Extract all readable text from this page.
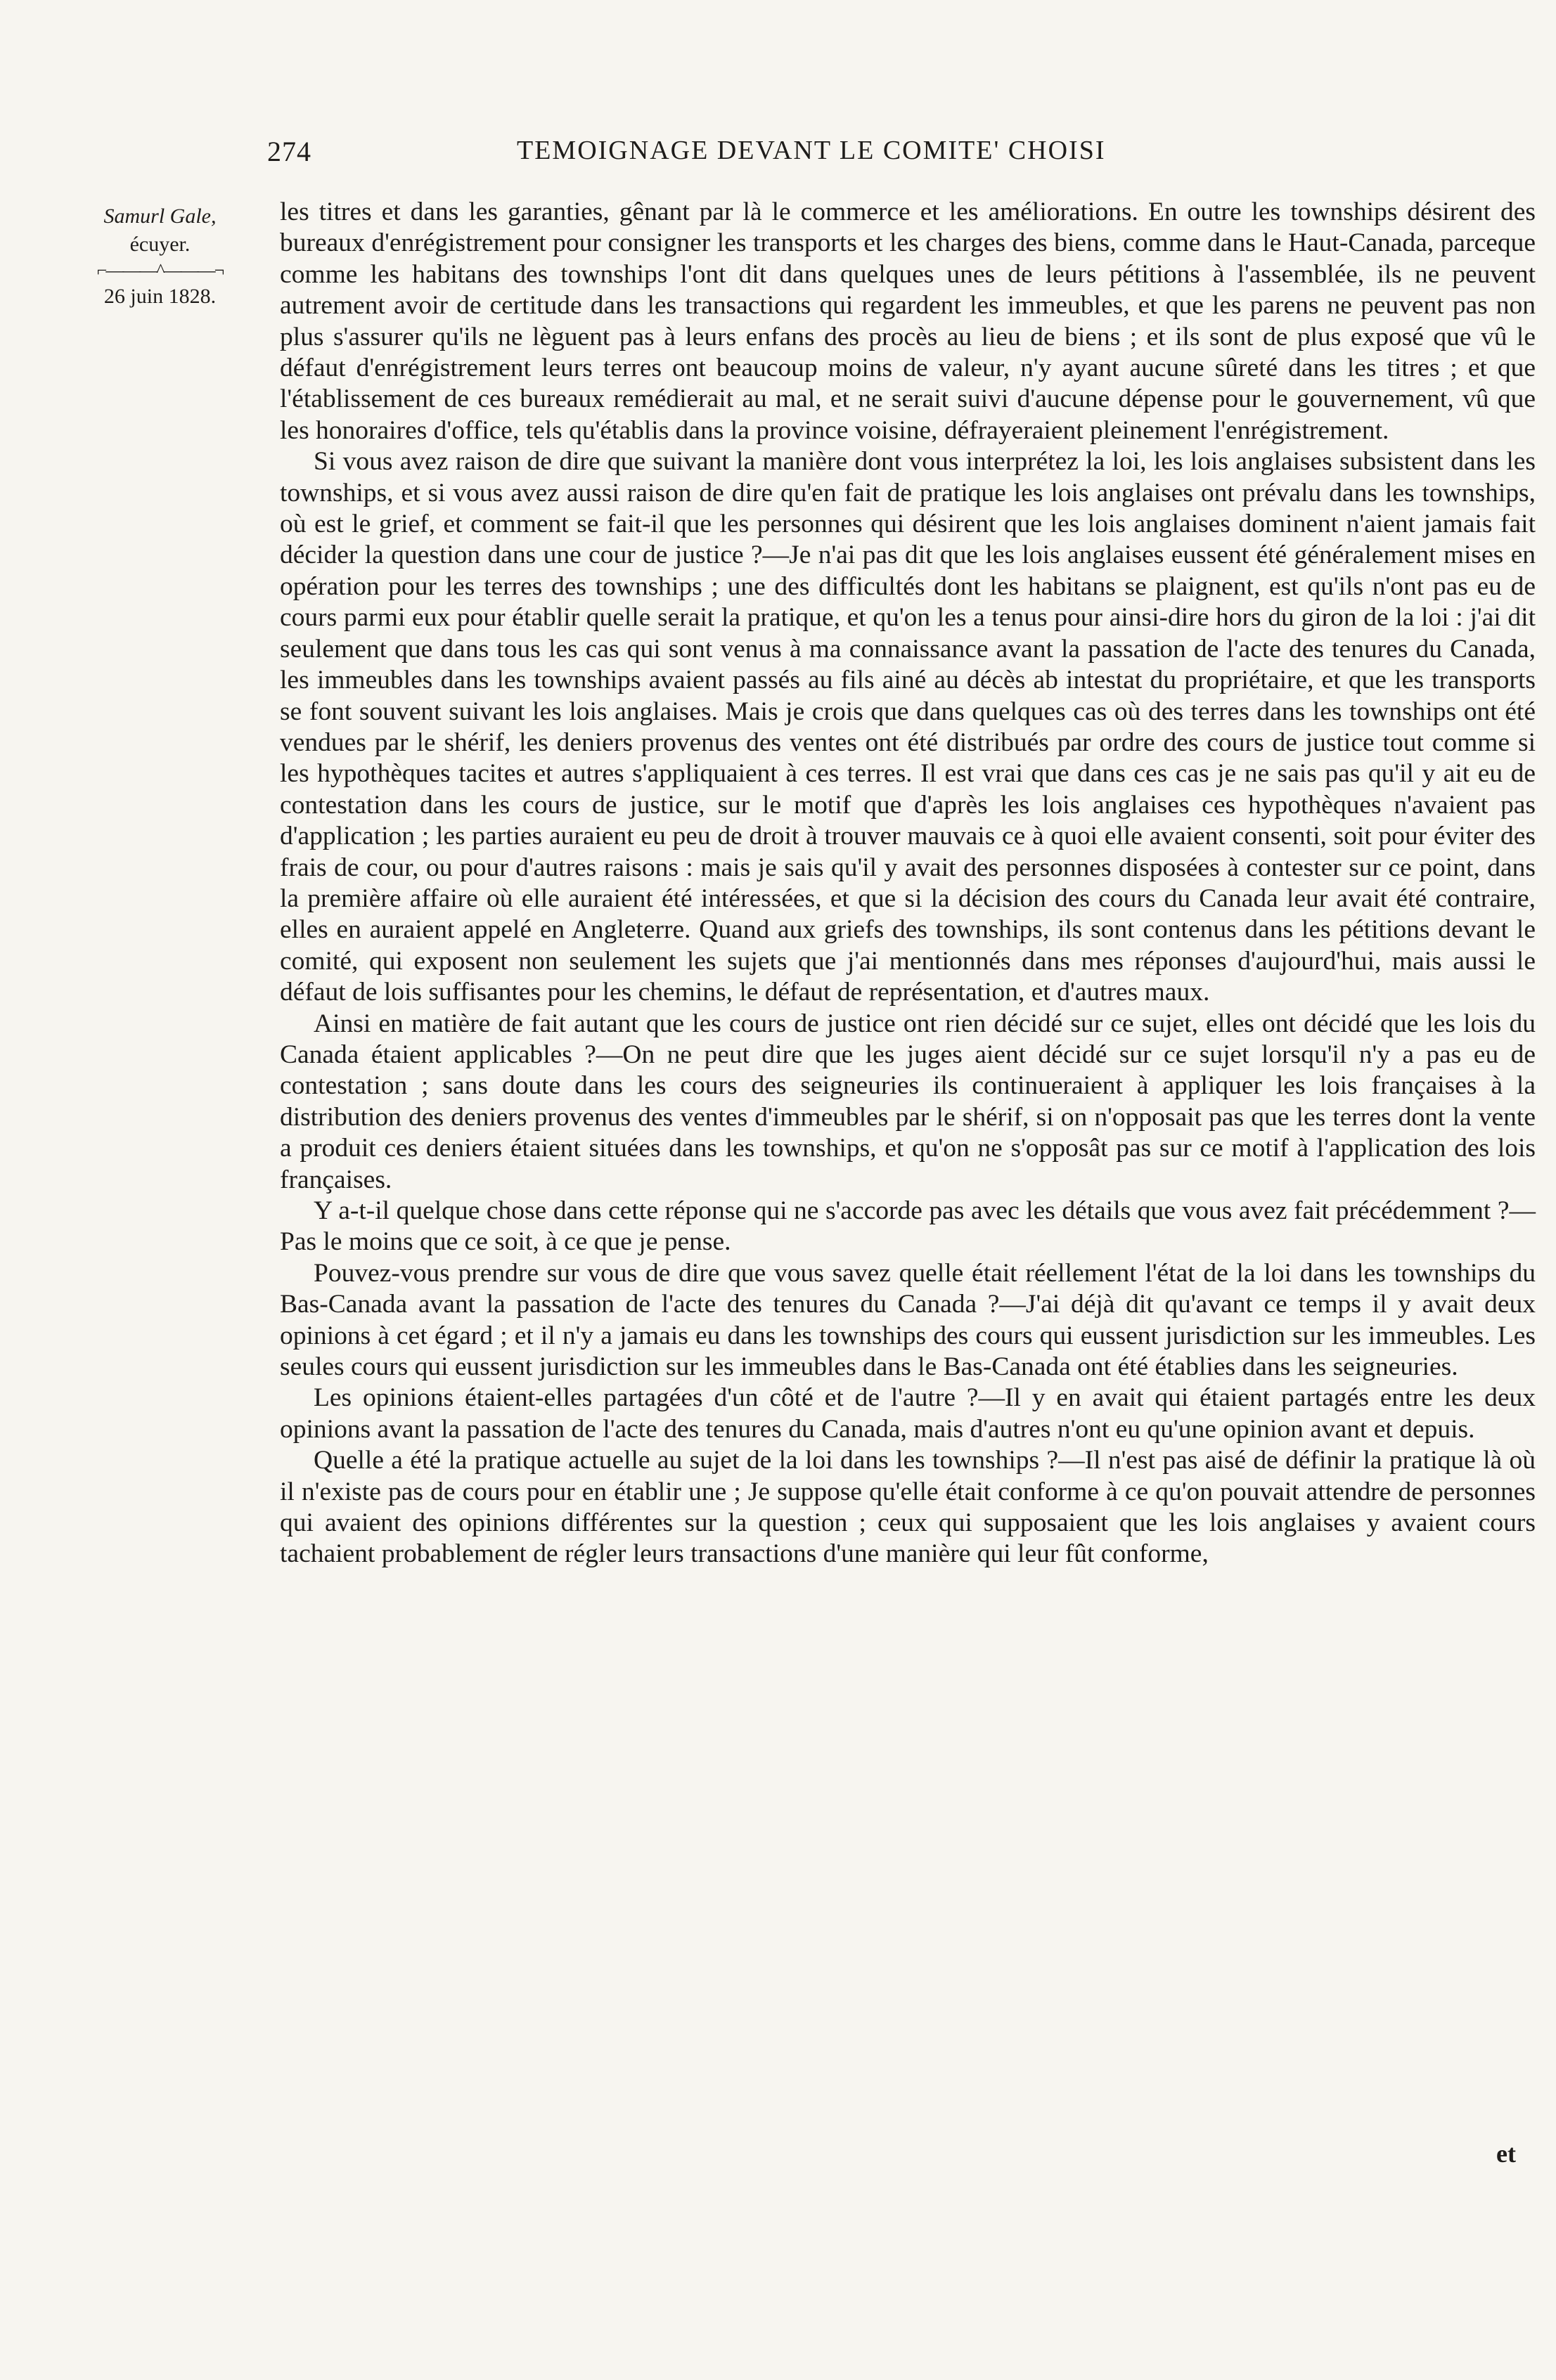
274	TEMOIGNAGE DEVANT LE COMITE' CHOISI
Samurl Gale,
écuyer.
⌐———^———¬
26 juin 1828.

les titres et dans les garanties, gênant par là le commerce et les améliorations. En outre les townships désirent des bureaux d'enrégistrement pour consigner les transports et les charges des biens, comme dans le Haut-Canada, parceque comme les habitans des townships l'ont dit dans quelques unes de leurs pétitions à l'assemblée, ils ne peuvent autrement avoir de certitude dans les transactions qui regardent les immeubles, et que les parens ne peuvent pas non plus s'assurer qu'ils ne lèguent pas à leurs enfans des procès au lieu de biens ; et ils sont de plus exposé que vû le défaut d'enrégistrement leurs terres ont beaucoup moins de valeur, n'y ayant aucune sûreté dans les titres ; et que l'établissement de ces bureaux remédierait au mal, et ne serait suivi d'aucune dépense pour le gouvernement, vû que les honoraires d'office, tels qu'établis dans la province voisine, défrayeraient pleinement l'enrégistrement.

Si vous avez raison de dire que suivant la manière dont vous interprétez la loi, les lois anglaises subsistent dans les townships, et si vous avez aussi raison de dire qu'en fait de pratique les lois anglaises ont prévalu dans les townships, où est le grief, et comment se fait-il que les personnes qui désirent que les lois anglaises dominent n'aient jamais fait décider la question dans une cour de justice ?—Je n'ai pas dit que les lois anglaises eussent été généralement mises en opération pour les terres des townships ; une des difficultés dont les habitans se plaignent, est qu'ils n'ont pas eu de cours parmi eux pour établir quelle serait la pratique, et qu'on les a tenus pour ainsi-dire hors du giron de la loi : j'ai dit seulement que dans tous les cas qui sont venus à ma connaissance avant la passation de l'acte des tenures du Canada, les immeubles dans les townships avaient passés au fils ainé au décès ab intestat du propriétaire, et que les transports se font souvent suivant les lois anglaises. Mais je crois que dans quelques cas où des terres dans les townships ont été vendues par le shérif, les deniers provenus des ventes ont été distribués par ordre des cours de justice tout comme si les hypothèques tacites et autres s'appliquaient à ces terres. Il est vrai que dans ces cas je ne sais pas qu'il y ait eu de contestation dans les cours de justice, sur le motif que d'après les lois anglaises ces hypothèques n'avaient pas d'application ; les parties auraient eu peu de droit à trouver mauvais ce à quoi elle avaient consenti, soit pour éviter des frais de cour, ou pour d'autres raisons : mais je sais qu'il y avait des personnes disposées à contester sur ce point, dans la première affaire où elle auraient été intéressées, et que si la décision des cours du Canada leur avait été contraire, elles en auraient appelé en Angleterre. Quand aux griefs des townships, ils sont contenus dans les pétitions devant le comité, qui exposent non seulement les sujets que j'ai mentionnés dans mes réponses d'aujourd'hui, mais aussi le défaut de lois suffisantes pour les chemins, le défaut de représentation, et d'autres maux.

Ainsi en matière de fait autant que les cours de justice ont rien décidé sur ce sujet, elles ont décidé que les lois du Canada étaient applicables ?—On ne peut dire que les juges aient décidé sur ce sujet lorsqu'il n'y a pas eu de contestation ; sans doute dans les cours des seigneuries ils continueraient à appliquer les lois françaises à la distribution des deniers provenus des ventes d'immeubles par le shérif, si on n'opposait pas que les terres dont la vente a produit ces deniers étaient situées dans les townships, et qu'on ne s'opposât pas sur ce motif à l'application des lois françaises.

Y a-t-il quelque chose dans cette réponse qui ne s'accorde pas avec les détails que vous avez fait précédemment ?—Pas le moins que ce soit, à ce que je pense.

Pouvez-vous prendre sur vous de dire que vous savez quelle était réellement l'état de la loi dans les townships du Bas-Canada avant la passation de l'acte des tenures du Canada ?—J'ai déjà dit qu'avant ce temps il y avait deux opinions à cet égard ; et il n'y a jamais eu dans les townships des cours qui eussent jurisdiction sur les immeubles. Les seules cours qui eussent jurisdiction sur les immeubles dans le Bas-Canada ont été établies dans les seigneuries.

Les opinions étaient-elles partagées d'un côté et de l'autre ?—Il y en avait qui étaient partagés entre les deux opinions avant la passation de l'acte des tenures du Canada, mais d'autres n'ont eu qu'une opinion avant et depuis.

Quelle a été la pratique actuelle au sujet de la loi dans les townships ?—Il n'est pas aisé de définir la pratique là où il n'existe pas de cours pour en établir une ; Je suppose qu'elle était conforme à ce qu'on pouvait attendre de personnes qui avaient des opinions différentes sur la question ; ceux qui supposaient que les lois anglaises y avaient cours tachaient probablement de régler leurs transactions d'une manière qui leur fût conforme,

et
